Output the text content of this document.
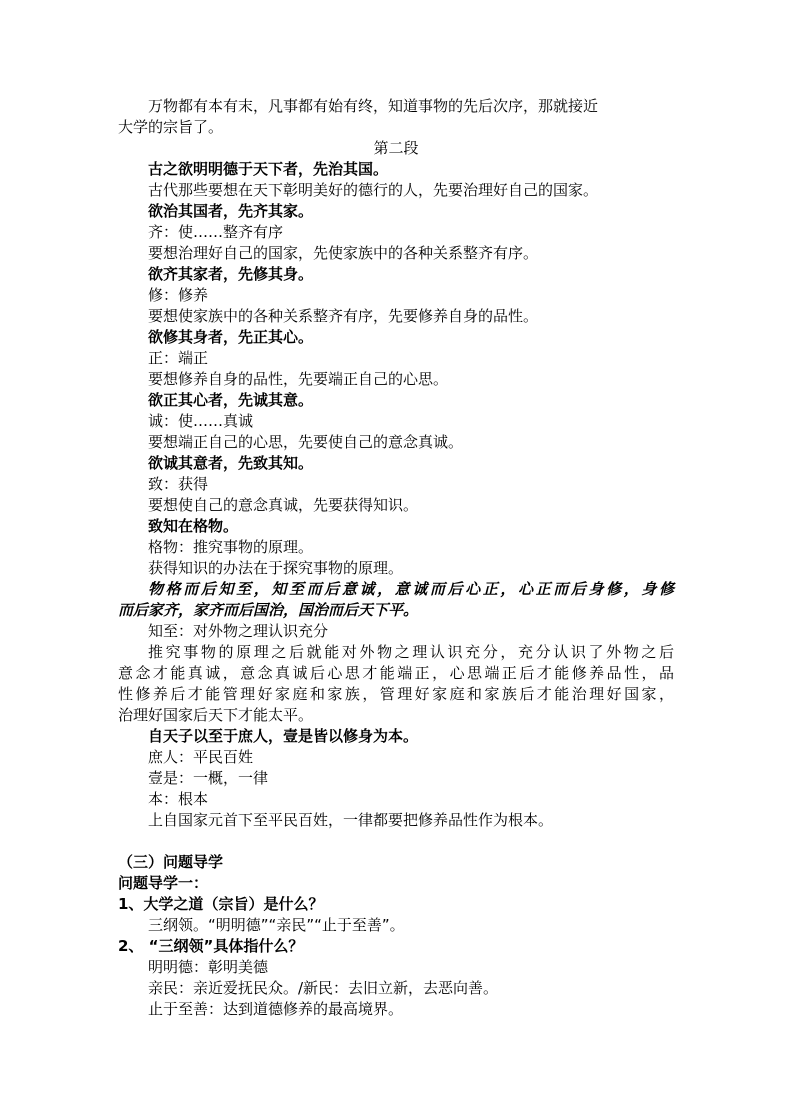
万物都有本有末，凡事都有始有终，知道事物的先后次序，那就接近
大学的宗旨了。
第二段
古之欲明明德于天下者，先治其国。
古代那些要想在天下彰明美好的德行的人，先要治理好自己的国家。
欲治其国者，先齐其家。
齐：使……整齐有序
要想治理好自己的国家，先使家族中的各种关系整齐有序。
欲齐其家者，先修其身。
修：修养
要想使家族中的各种关系整齐有序，先要修养自身的品性。
欲修其身者，先正其心。
正：端正
要想修养自身的品性，先要端正自己的心思。
欲正其心者，先诚其意。
诚：使……真诚
要想端正自己的心思，先要使自己的意念真诚。
欲诚其意者，先致其知。
致：获得
要想使自己的意念真诚，先要获得知识。
致知在格物。
格物：推究事物的原理。
获得知识的办法在于探究事物的原理。
物格而后知至，知至而后意诚，意诚而后心正，心正而后身修，身修
而后家齐，家齐而后国治，国治而后天下平。
知至：对外物之理认识充分
推究事物的原理之后就能对外物之理认识充分，充分认识了外物之后
意念才能真诚，意念真诚后心思才能端正，心思端正后才能修养品性，品
性修养后才能管理好家庭和家族，管理好家庭和家族后才能治理好国家，
治理好国家后天下才能太平。
自天子以至于庶人，壹是皆以修身为本。
庶人：平民百姓
壹是：一概，一律
本：根本
上自国家元首下至平民百姓，一律都要把修养品性作为根本。
（三）问题导学
问题导学一：
1、大学之道（宗旨）是什么？
三纲领。“明明德”“亲民”“止于至善”。
2、 “三纲领”具体指什么？
明明德：彰明美德
亲民：亲近爱抚民众。/新民：去旧立新，去恶向善。
止于至善：达到道德修养的最高境界。
